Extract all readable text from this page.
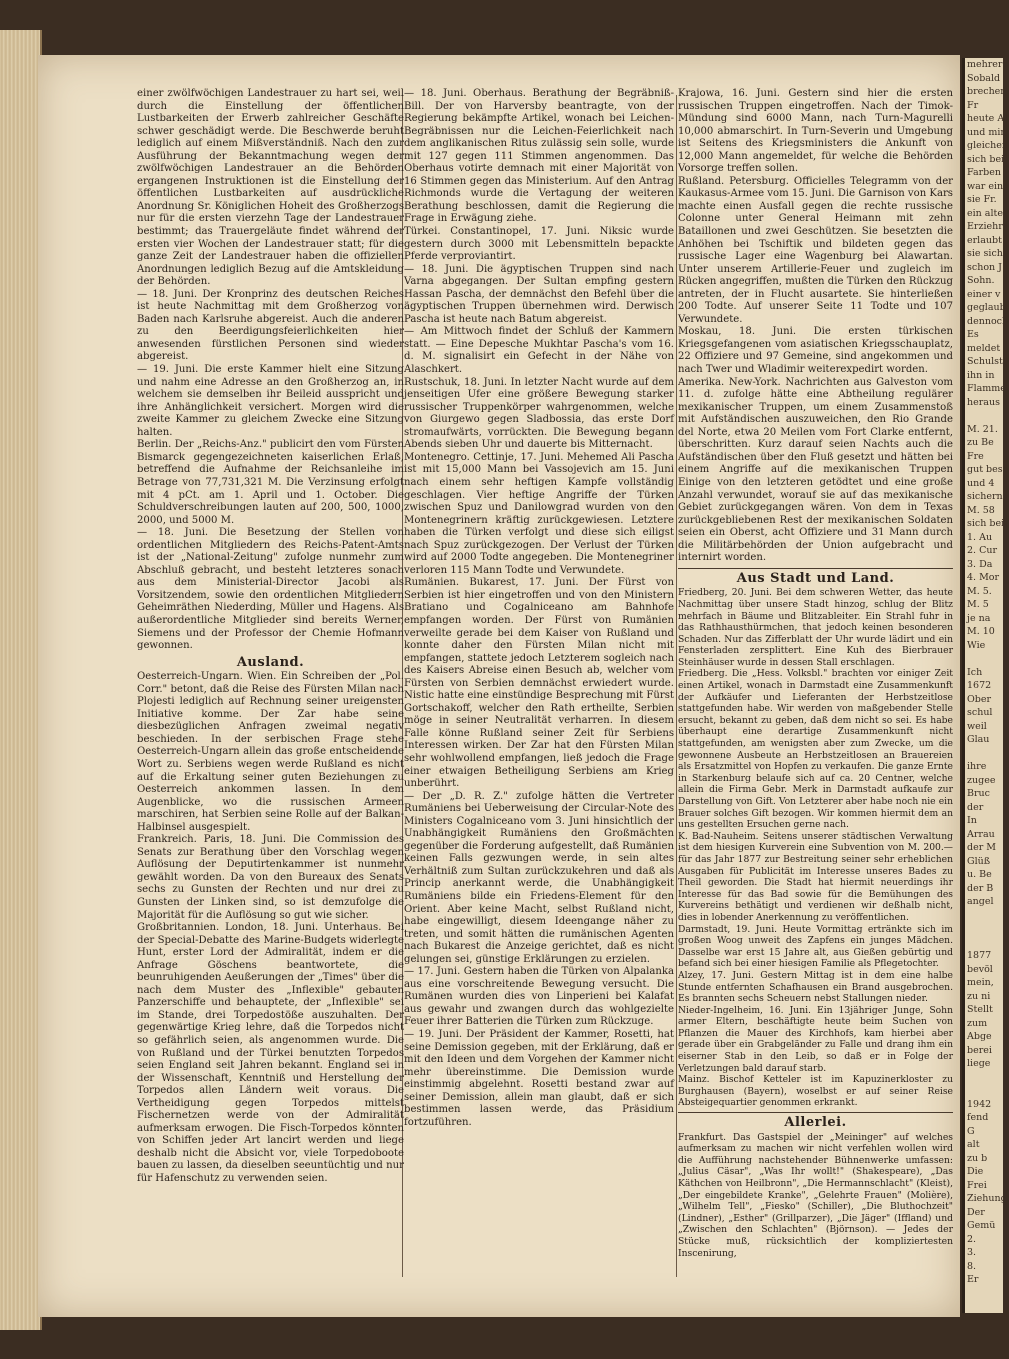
einer zwölfwöchigen Landestrauer zu hart sei, weil durch die Einstellung der öffentlichen Lustbarkeiten der Erwerb zahlreicher Geschäfte schwer geschädigt werde. Die Beschwerde beruht lediglich auf einem Mißverständniß. Nach den zur Ausführung der Bekanntmachung wegen der zwölfwöchigen Landestrauer an die Behörden ergangenen Instruktionen ist die Einstellung der öffentlichen Lustbarkeiten auf ausdrückliche Anordnung Sr. Königlichen Hoheit des Großherzogs nur für die ersten vierzehn Tage der Landestrauer bestimmt; das Trauergeläute findet während der ersten vier Wochen der Landestrauer statt; für die ganze Zeit der Landestrauer haben die offiziellen Anordnungen lediglich Bezug auf die Amtskleidung der Behörden.

— 18. Juni. Der Kronprinz des deutschen Reiches ist heute Nachmittag mit dem Großherzog von Baden nach Karlsruhe abgereist. Auch die anderen zu den Beerdigungsfeierlichkeiten hier anwesenden fürstlichen Personen sind wieder abgereist.

— 19. Juni. Die erste Kammer hielt eine Sitzung und nahm eine Adresse an den Großherzog an, in welchem sie demselben ihr Beileid ausspricht und ihre Anhänglichkeit versichert. Morgen wird die zweite Kammer zu gleichem Zwecke eine Sitzung halten.

Berlin. Der „Reichs-Anz." publicirt den vom Fürsten Bismarck gegengezeichneten kaiserlichen Erlaß, betreffend die Aufnahme der Reichsanleihe im Betrage von 77,731,321 M. Die Verzinsung erfolgt mit 4 pCt. am 1. April und 1. October. Die Schuldverschreibungen lauten auf 200, 500, 1000, 2000, und 5000 M.

— 18. Juni. Die Besetzung der Stellen von ordentlichen Mitgliedern des Reichs-Patent-Amts ist der „National-Zeitung" zufolge nunmehr zum Abschluß gebracht, und besteht letzteres sonach aus dem Ministerial-Director Jacobi als Vorsitzendem, sowie den ordentlichen Mitgliedern Geheimräthen Niederding, Müller und Hagens. Als außerordentliche Mitglieder sind bereits Werner, Siemens und der Professor der Chemie Hofmann gewonnen.

Ausland.

Oesterreich-Ungarn. Wien. Ein Schreiben der „Pol. Corr." betont, daß die Reise des Fürsten Milan nach Plojesti lediglich auf Rechnung seiner ureigensten Initiative komme. Der Zar habe seine diesbezüglichen Anfragen zweimal negativ beschieden. In der serbischen Frage stehe Oesterreich-Ungarn allein das große entscheidende Wort zu. Serbiens wegen werde Rußland es nicht auf die Erkaltung seiner guten Beziehungen zu Oesterreich ankommen lassen. In dem Augenblicke, wo die russischen Armeen marschiren, hat Serbien seine Rolle auf der Balkan-Halbinsel ausgespielt.

Frankreich. Paris, 18. Juni. Die Commission des Senats zur Berathung über den Vorschlag wegen Auflösung der Deputirtenkammer ist nunmehr gewählt worden. Da von den Bureaux des Senats sechs zu Gunsten der Rechten und nur drei zu Gunsten der Linken sind, so ist demzufolge die Majorität für die Auflösung so gut wie sicher.

Großbritannien. London, 18. Juni. Unterhaus. Bei der Special-Debatte des Marine-Budgets widerlegte Hunt, erster Lord der Admiralität, indem er die Anfrage Göschens beantwortete, die beunruhigenden Aeußerungen der „Times" über die nach dem Muster des „Inflexible" gebauten Panzerschiffe und behauptete, der „Inflexible" sei im Stande, drei Torpedostöße auszuhalten. Der gegenwärtige Krieg lehre, daß die Torpedos nicht so gefährlich seien, als angenommen wurde. Die von Rußland und der Türkei benutzten Torpedos seien England seit Jahren bekannt. England sei in der Wissenschaft, Kenntniß und Herstellung der Torpedos allen Ländern weit voraus. Die Vertheidigung gegen Torpedos mittelst Fischernetzen werde von der Admiralität aufmerksam erwogen. Die Fisch-Torpedos könnten von Schiffen jeder Art lancirt werden und liege deshalb nicht die Absicht vor, viele Torpedoboote bauen zu lassen, da dieselben seeuntüchtig und nur für Hafenschutz zu verwenden seien.

— 18. Juni. Oberhaus. Berathung der Begräbniß-Bill. Der von Harversby beantragte, von der Regierung bekämpfte Artikel, wonach bei Leichen-Begräbnissen nur die Leichen-Feierlichkeit nach dem anglikanischen Ritus zulässig sein solle, wurde mit 127 gegen 111 Stimmen angenommen. Das Oberhaus votirte demnach mit einer Majorität von 16 Stimmen gegen das Ministerium. Auf den Antrag Richmonds wurde die Vertagung der weiteren Berathung beschlossen, damit die Regierung die Frage in Erwägung ziehe.

Türkei. Constantinopel, 17. Juni. Niksic wurde gestern durch 3000 mit Lebensmitteln bepackte Pferde verproviantirt.

— 18. Juni. Die ägyptischen Truppen sind nach Varna abgegangen. Der Sultan empfing gestern Hassan Pascha, der demnächst den Befehl über die ägyptischen Truppen übernehmen wird. Derwisch Pascha ist heute nach Batum abgereist.

— Am Mittwoch findet der Schluß der Kammern statt. — Eine Depesche Mukhtar Pascha's vom 16. d. M. signalisirt ein Gefecht in der Nähe von Alaschkert.

Rustschuk, 18. Juni. In letzter Nacht wurde auf dem jenseitigen Ufer eine größere Bewegung starker russischer Truppenkörper wahrgenommen, welche von Giurgewo gegen Sladbossia, das erste Dorf stromaufwärts, vorrückten. Die Bewegung begann Abends sieben Uhr und dauerte bis Mitternacht.

Montenegro. Cettinje, 17. Juni. Mehemed Ali Pascha ist mit 15,000 Mann bei Vassojevich am 15. Juni nach einem sehr heftigen Kampfe vollständig geschlagen. Vier heftige Angriffe der Türken zwischen Spuz und Danilowgrad wurden von den Montenegrinern kräftig zurückgewiesen. Letztere haben die Türken verfolgt und diese sich eiligst nach Spuz zurückgezogen. Der Verlust der Türken wird auf 2000 Todte angegeben. Die Montenegriner verloren 115 Mann Todte und Verwundete.

Rumänien. Bukarest, 17. Juni. Der Fürst von Serbien ist hier eingetroffen und von den Ministern Bratiano und Cogalniceano am Bahnhofe empfangen worden. Der Fürst von Rumänien verweilte gerade bei dem Kaiser von Rußland und konnte daher den Fürsten Milan nicht mit empfangen, stattete jedoch Letzterem sogleich nach des Kaisers Abreise einen Besuch ab, welcher vom Fürsten von Serbien demnächst erwiedert wurde. Nistic hatte eine einstündige Besprechung mit Fürst Gortschakoff, welcher den Rath ertheilte, Serbien möge in seiner Neutralität verharren. In diesem Falle könne Rußland seiner Zeit für Serbiens Interessen wirken. Der Zar hat den Fürsten Milan sehr wohlwollend empfangen, ließ jedoch die Frage einer etwaigen Betheiligung Serbiens am Krieg unberührt.

— Der „D. R. Z." zufolge hätten die Vertreter Rumäniens bei Ueberweisung der Circular-Note des Ministers Cogalniceano vom 3. Juni hinsichtlich der Unabhängigkeit Rumäniens den Großmächten gegenüber die Forderung aufgestellt, daß Rumänien keinen Falls gezwungen werde, in sein altes Verhältniß zum Sultan zurückzukehren und daß als Princip anerkannt werde, die Unabhängigkeit Rumäniens bilde ein Friedens-Element für den Orient. Aber keine Macht, selbst Rußland nicht, habe eingewilligt, diesem Ideengange näher zu treten, und somit hätten die rumänischen Agenten nach Bukarest die Anzeige gerichtet, daß es nicht gelungen sei, günstige Erklärungen zu erzielen.

— 17. Juni. Gestern haben die Türken von Alpalanka aus eine vorschreitende Bewegung versucht. Die Rumänen wurden dies von Linperieni bei Kalafat aus gewahr und zwangen durch das wohlgezielte Feuer ihrer Batterien die Türken zum Rückzuge.

— 19. Juni. Der Präsident der Kammer, Rosetti, hat seine Demission gegeben, mit der Erklärung, daß er mit den Ideen und dem Vorgehen der Kammer nicht mehr übereinstimme. Die Demission wurde einstimmig abgelehnt. Rosetti bestand zwar auf seiner Demission, allein man glaubt, daß er sich bestimmen lassen werde, das Präsidium fortzuführen.

Krajowa, 16. Juni. Gestern sind hier die ersten russischen Truppen eingetroffen. Nach der Timok-Mündung sind 6000 Mann, nach Turn-Magurelli 10,000 abmarschirt. In Turn-Severin und Umgebung ist Seitens des Kriegsministers die Ankunft von 12,000 Mann angemeldet, für welche die Behörden Vorsorge treffen sollen.

Rußland. Petersburg. Officielles Telegramm von der Kaukasus-Armee vom 15. Juni. Die Garnison von Kars machte einen Ausfall gegen die rechte russische Colonne unter General Heimann mit zehn Bataillonen und zwei Geschützen. Sie besetzten die Anhöhen bei Tschiftik und bildeten gegen das russische Lager eine Wagenburg bei Alawartan. Unter unserem Artillerie-Feuer und zugleich im Rücken angegriffen, mußten die Türken den Rückzug antreten, der in Flucht ausartete. Sie hinterließen 200 Todte. Auf unserer Seite 11 Todte und 107 Verwundete.

Moskau, 18. Juni. Die ersten türkischen Kriegsgefangenen vom asiatischen Kriegsschauplatz, 22 Offiziere und 97 Gemeine, sind angekommen und nach Twer und Wladimir weiterexpedirt worden.

Amerika. New-York. Nachrichten aus Galveston vom 11. d. zufolge hätte eine Abtheilung regulärer mexikanischer Truppen, um einem Zusammenstoß mit Aufständischen auszuweichen, den Rio Grande del Norte, etwa 20 Meilen vom Fort Clarke entfernt, überschritten. Kurz darauf seien Nachts auch die Aufständischen über den Fluß gesetzt und hätten bei einem Angriffe auf die mexikanischen Truppen Einige von den letzteren getödtet und eine große Anzahl verwundet, worauf sie auf das mexikanische Gebiet zurückgegangen wären. Von dem in Texas zurückgebliebenen Rest der mexikanischen Soldaten seien ein Oberst, acht Offiziere und 31 Mann durch die Militärbehörden der Union aufgebracht und internirt worden.

Aus Stadt und Land.

Friedberg, 20. Juni. Bei dem schweren Wetter, das heute Nachmittag über unsere Stadt hinzog, schlug der Blitz mehrfach in Bäume und Blitzableiter. Ein Strahl fuhr in das Rathhausthürmchen, that jedoch keinen besonderen Schaden. Nur das Zifferblatt der Uhr wurde lädirt und ein Fensterladen zersplittert. Eine Kuh des Bierbrauer Steinhäuser wurde in dessen Stall erschlagen.

Friedberg. Die „Hess. Volksbl." brachten vor einiger Zeit einen Artikel, wonach in Darmstadt eine Zusammenkunft der Aufkäufer und Lieferanten der Herbstzeitlose stattgefunden habe. Wir werden von maßgebender Stelle ersucht, bekannt zu geben, daß dem nicht so sei. Es habe überhaupt eine derartige Zusammenkunft nicht stattgefunden, am wenigsten aber zum Zwecke, um die gewonnene Ausbeute an Herbstzeitlosen an Brauereien als Ersatzmittel von Hopfen zu verkaufen. Die ganze Ernte in Starkenburg belaufe sich auf ca. 20 Centner, welche allein die Firma Gebr. Merk in Darmstadt aufkaufe zur Darstellung von Gift. Von Letzterer aber habe noch nie ein Brauer solches Gift bezogen. Wir kommen hiermit dem an uns gestellten Ersuchen gerne nach.

K. Bad-Nauheim. Seitens unserer städtischen Verwaltung ist dem hiesigen Kurverein eine Subvention von M. 200.— für das Jahr 1877 zur Bestreitung seiner sehr erheblichen Ausgaben für Publicität im Interesse unseres Bades zu Theil geworden. Die Stadt hat hiermit neuerdings ihr Interesse für das Bad sowie für die Bemühungen des Kurvereins bethätigt und verdienen wir deßhalb nicht, dies in lobender Anerkennung zu veröffentlichen.

Darmstadt, 19. Juni. Heute Vormittag ertränkte sich im großen Woog unweit des Zapfens ein junges Mädchen. Dasselbe war erst 15 Jahre alt, aus Gießen gebürtig und befand sich bei einer hiesigen Familie als Pflegetochter.

Alzey, 17. Juni. Gestern Mittag ist in dem eine halbe Stunde entfernten Schafhausen ein Brand ausgebrochen. Es brannten sechs Scheuern nebst Stallungen nieder.

Nieder-Ingelheim, 16. Juni. Ein 13jähriger Junge, Sohn armer Eltern, beschäftigte heute beim Suchen von Pflanzen die Mauer des Kirchhofs, kam hierbei aber gerade über ein Grabgeländer zu Falle und drang ihm ein eiserner Stab in den Leib, so daß er in Folge der Verletzungen bald darauf starb.

Mainz. Bischof Ketteler ist im Kapuzinerkloster zu Burghausen (Bayern), woselbst er auf seiner Reise Absteigequartier genommen erkrankt.

Allerlei.

Frankfurt. Das Gastspiel der „Meininger" auf welches aufmerksam zu machen wir nicht verfehlen wollen wird die Aufführung nachstehender Bühnenwerke umfassen: „Julius Cäsar", „Was Ihr wollt!" (Shakespeare), „Das Käthchen von Heilbronn", „Die Hermannschlacht" (Kleist), „Der eingebildete Kranke", „Gelehrte Frauen" (Molière), „Wilhelm Tell", „Fiesko" (Schiller), „Die Bluthochzeit" (Lindner), „Esther" (Grillparzer), „Die Jäger" (Iffland) und „Zwischen den Schlachten" (Björnson). — Jedes der Stücke muß, rücksichtlich der kompliziertesten Inscenirung,

mehrere
Sobald
brechen,
Fr
heute Al
und mir
gleicher
sich bei
Farben
war ein
sie Fr.
ein alte
Erziehr
erlaubt
sie sich
schon J
Sohn.
einer v
geglaub
dennoch
Es
meldet
Schulst
ihn in
Flamme
heraus

M. 21.
zu Be
Fre
gut besc
und 4
sichern
M. 58
sich bei
1. Au
2. Cur
3. Da
4. Mor
M. 5.
M. 5
je na
M. 10
Wie

Ich
1672
Ober
schul
weil
Glau

ihre
zugee
Bruc
der
In
Arrau
der M
Glüß
u. Be
der B
angel

1877
bevöl
mein,
zu ni
Stellt
zum
Abge
berei
liege

1942
fend
G
alt
zu b
Die
Frei
Ziehung
Der
Gemü
2.
3.
8.
Er
